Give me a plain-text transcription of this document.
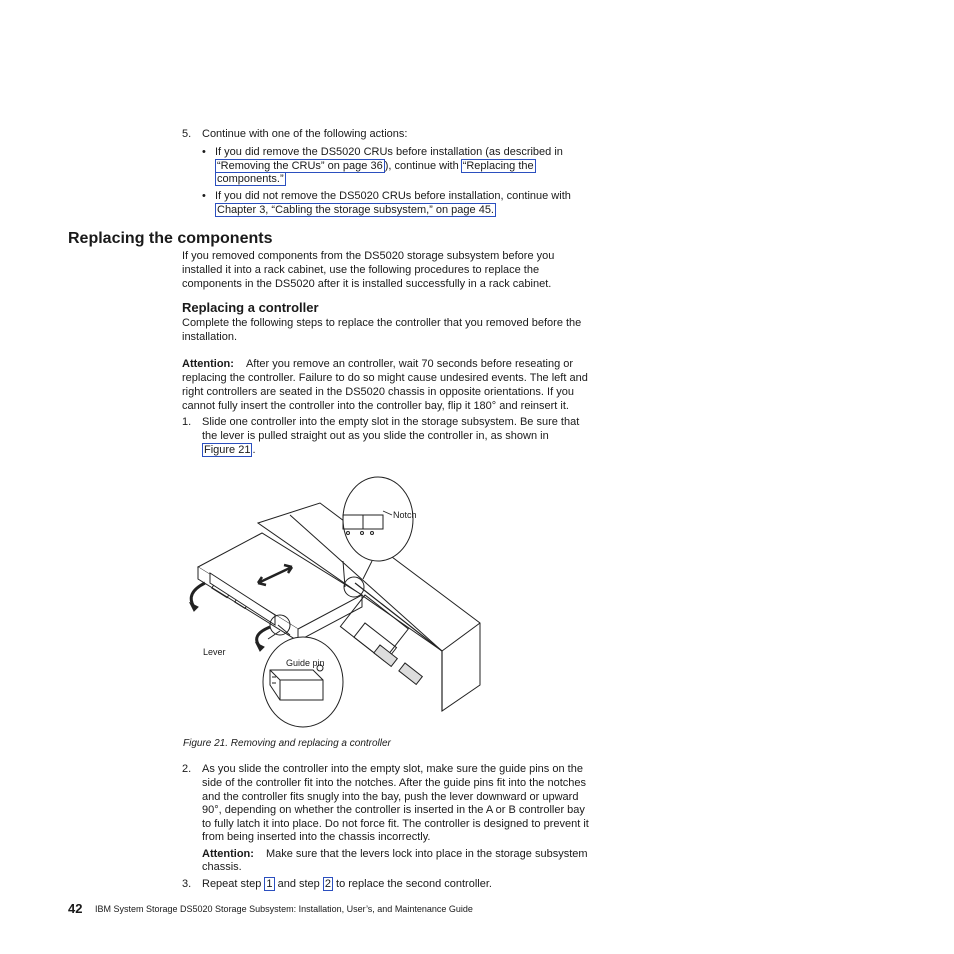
5. Continue with one of the following actions:
• If you did remove the DS5020 CRUs before installation (as described in
“Removing the CRUs” on page 36 ), continue with “Replacing the
components.”
• If you did not remove the DS5020 CRUs before installation, continue with
Chapter 3, “Cabling the storage subsystem,” on page 45.
Replacing the components
If you removed components from the DS5020 storage subsystem before you
installed it into a rack cabinet, use the following procedures to replace the
components in the DS5020 after it is installed successfully in a rack cabinet.
Replacing a controller
Complete the following steps to replace the controller that you removed before the
installation.
Attention: After you remove an controller, wait 70 seconds before reseating or
replacing the controller. Failure to do so might cause undesired events. The left and
right controllers are seated in the DS5020 chassis in opposite orientations. If you
cannot fully insert the controller into the controller bay, flip it 180° and reinsert it.
1. Slide one controller into the empty slot in the storage subsystem. Be sure that
the lever is pulled straight out as you slide the controller in, as shown in
Figure 21 .
Notch
Lever
Guide pin
Figure 21. Removing and replacing a controller
2. As you slide the controller into the empty slot, make sure the guide pins on the
side of the controller fit into the notches. After the guide pins fit into the notches
and the controller fits snugly into the bay, push the lever downward or upward
90°, depending on whether the controller is inserted in the A or B controller bay
to fully latch it into place. Do not force fit. The controller is designed to prevent it
from being inserted into the chassis incorrectly.
Attention: Make sure that the levers lock into place in the storage subsystem
chassis.
3. Repeat step 1 and step 2 to replace the second controller.
42 IBM System Storage DS5020 Storage Subsystem: Installation, User’s, and Maintenance Guide
